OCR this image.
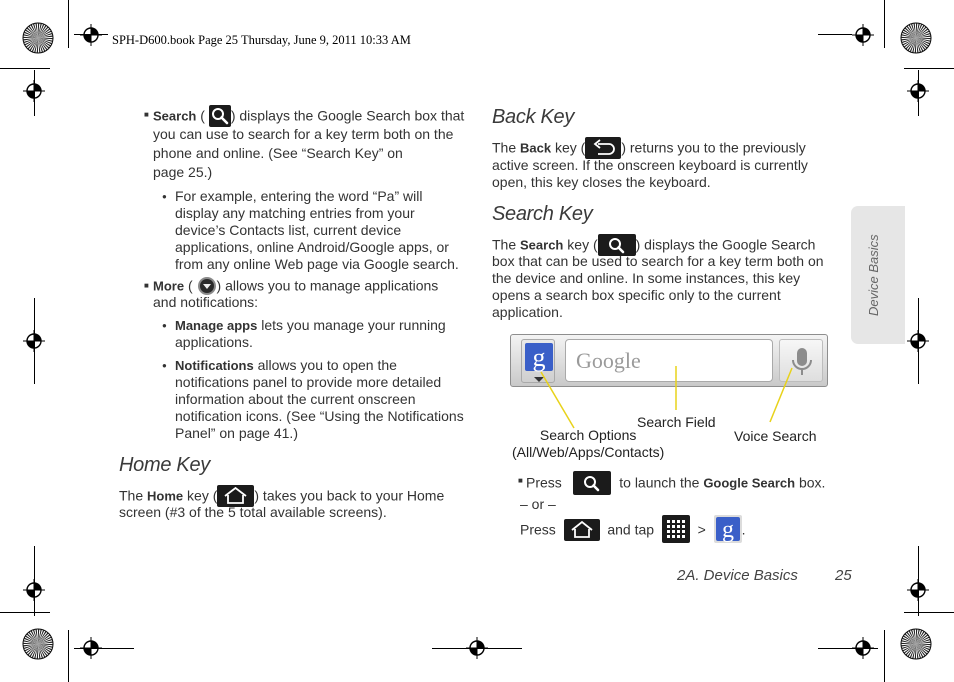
SPH-D600.book Page 25 Thursday, June 9, 2011 10:33 AM
Device Basics
■ Search (
) displays the Google Search box that
you can use to search for a key term both on the
phone and online. (See “Search Key” on
page 25.)
● For example, entering the word “Pa” will
display any matching entries from your
device’s Contacts list, current device
applications, online Android/Google apps, or
from any online Web page via Google search.
■ More ( ) allows you to manage applications
and notifications:
● Manage apps lets you manage your running
applications.
● Notifications allows you to open the
notifications panel to provide more detailed
information about the current onscreen
notification icons. (See “Using the Notifications
Panel” on page 41.)
Home Key
The Home key (	) takes you back to your Home
screen (#3 of the 5 total available screens).
Back Key
The Back key (	) returns you to the previously
active screen. If the onscreen keyboard is currently
open, this key closes the keyboard.
Search Key
The Search key (	) displays the Google Search
box that can be used to search for a key term both on
the device and online. In some instances, this key
opens a search box specific only to the current
application.
g Google
Search Field
Search Options
(All/Web/Apps/Contacts)
Voice Search
■ Press	to launch the Google Search box.
– or –
Press	and tap	> g .
2A. Device Basics 25
